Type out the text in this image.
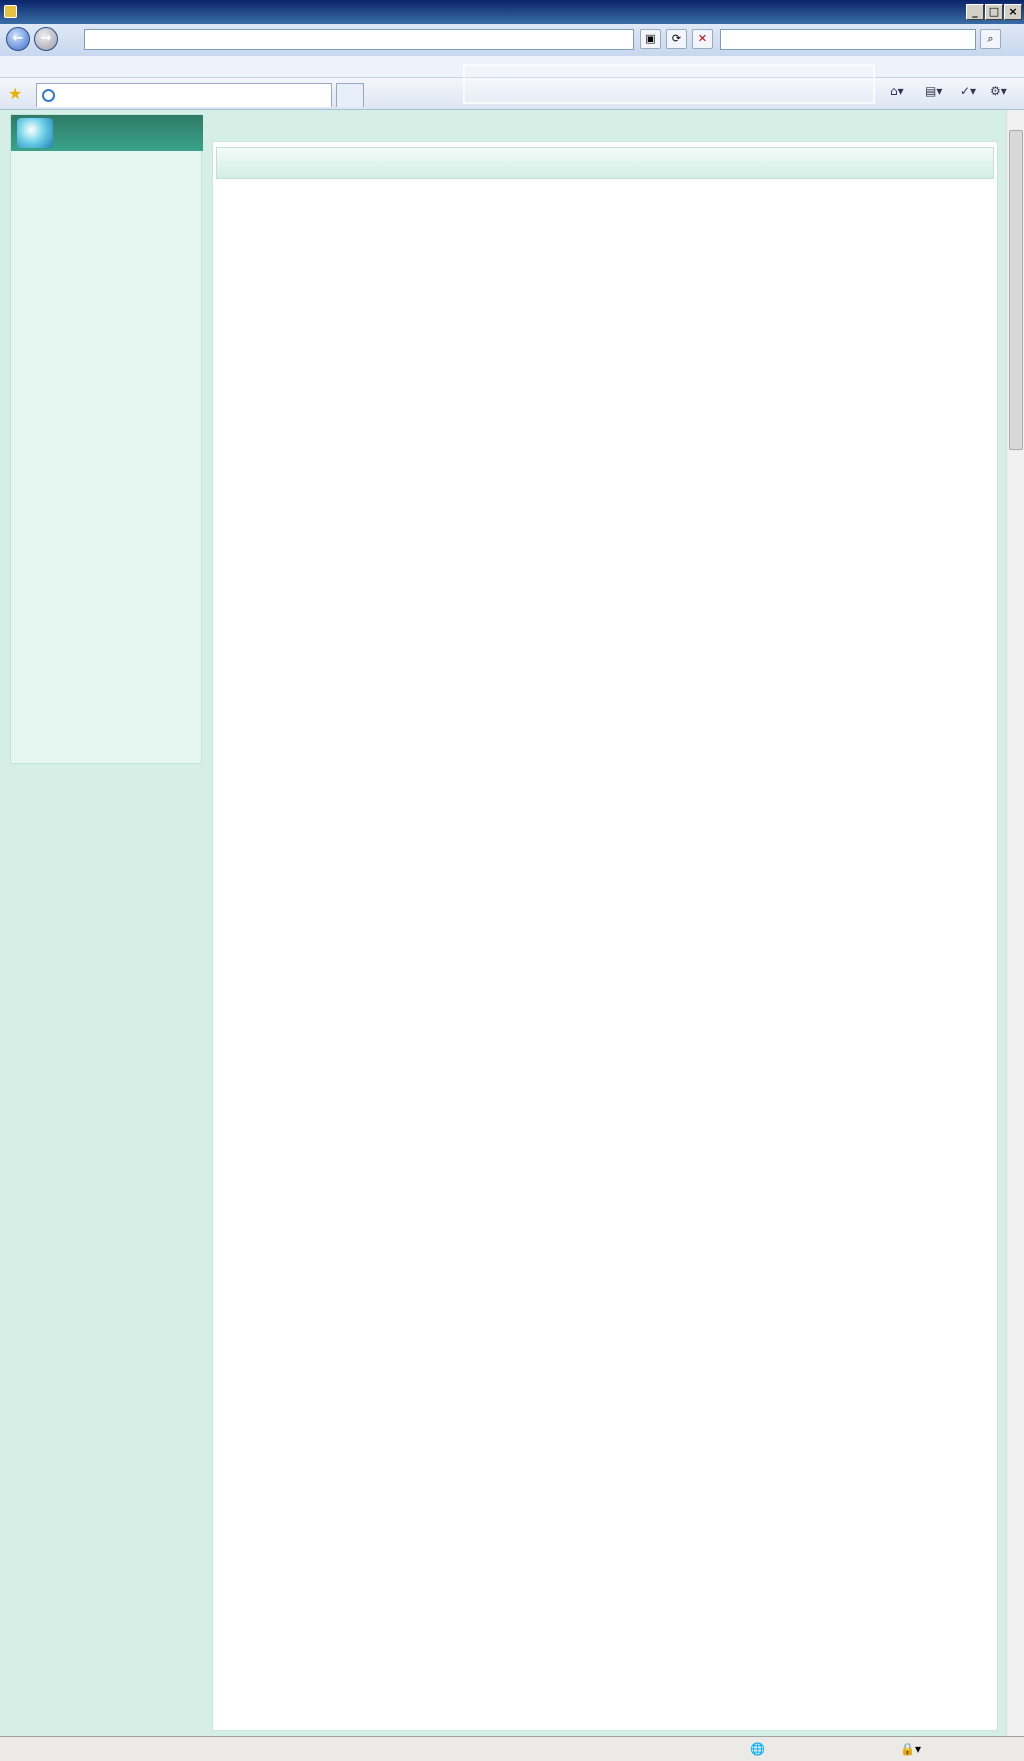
_	□ ×
←	→	▣	⟳	✕	⌕
★	⌂▾ ▤▾ ✓▾ ⚙▾
🌐	🔒▾
